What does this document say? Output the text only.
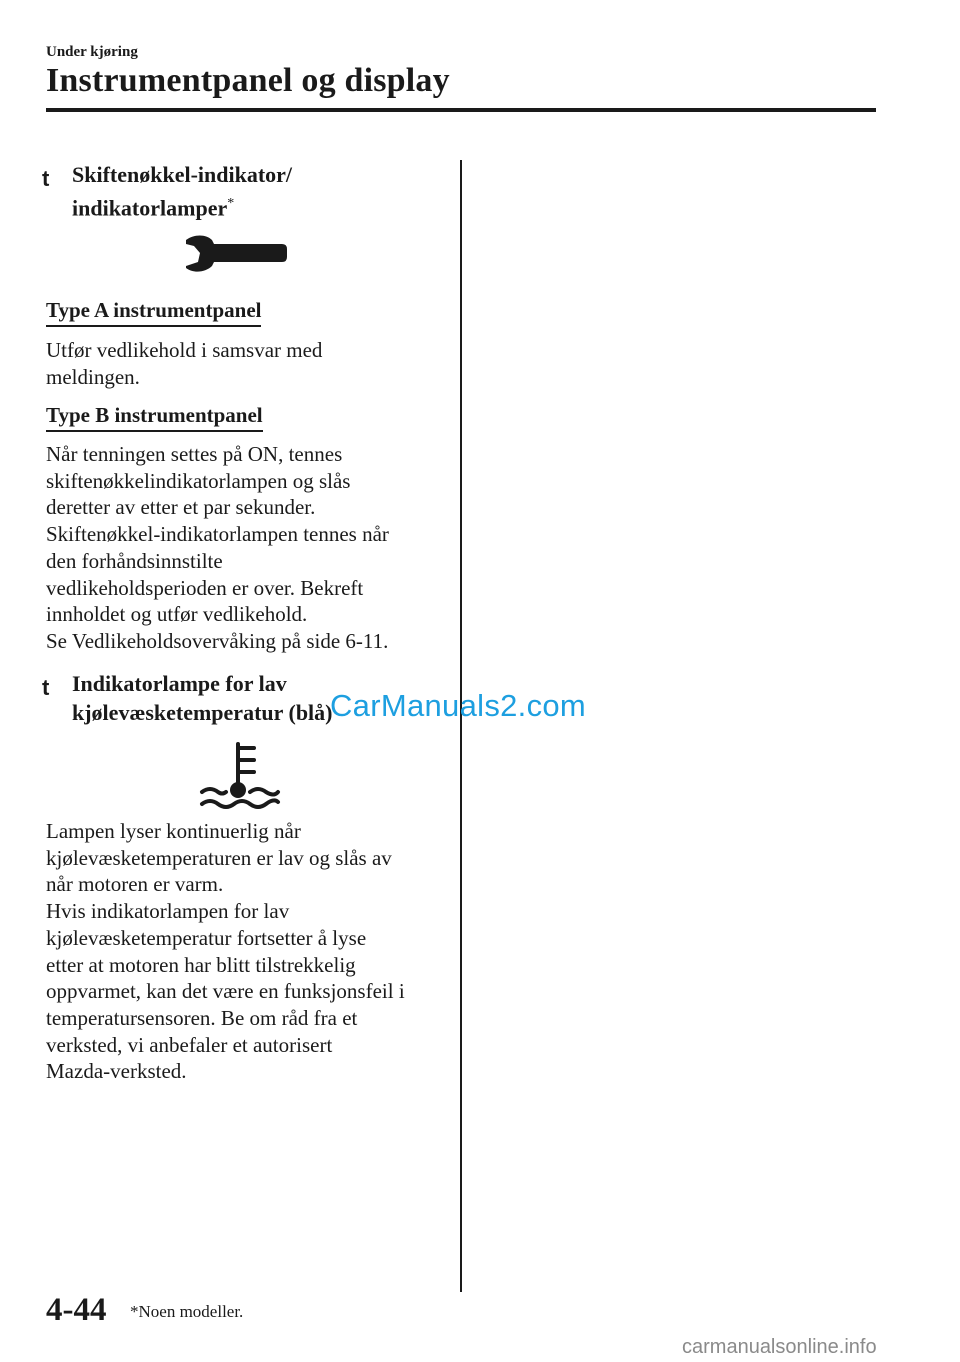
Under kjøring
Instrumentpanel og display
t	Skiftenøkkel-indikator/
indikatorlamper*
Type A instrumentpanel
Utfør vedlikehold i samsvar med
meldingen.
Type B instrumentpanel
Når tenningen settes på ON, tennes
skiftenøkkelindikatorlampen og slås
deretter av etter et par sekunder.
Skiftenøkkel-indikatorlampen tennes når
den forhåndsinnstilte
vedlikeholdsperioden er over. Bekreft
innholdet og utfør vedlikehold.
Se Vedlikeholdsovervåking på side 6-11.
t	Indikatorlampe for lav
kjølevæsketemperatur (blå)
Lampen lyser kontinuerlig når
kjølevæsketemperaturen er lav og slås av
når motoren er varm.
Hvis indikatorlampen for lav
kjølevæsketemperatur fortsetter å lyse
etter at motoren har blitt tilstrekkelig
oppvarmet, kan det være en funksjonsfeil i
temperatursensoren. Be om råd fra et
verksted, vi anbefaler et autorisert
Mazda-verksted.
CarManuals2.com
4-44 *Noen modeller.
carmanualsonline.info
